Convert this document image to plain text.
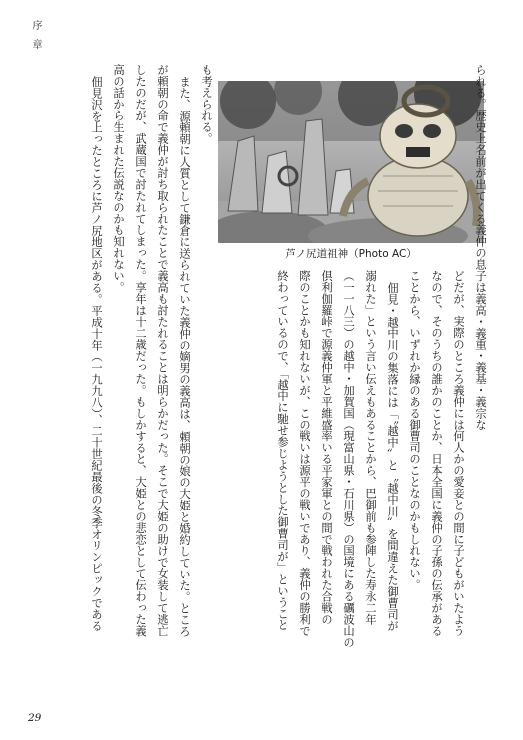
序 章
芦ノ尻道祖神（Photo AC）	られる。歴史上名前が出てくる義仲の息子は義高・義重・義基・義宗な
どだが、実際のところ義仲には何人かの愛妾との間に子どもがいたよう
なので、そのうちの誰かのことか、日本全国に義仲の子孫の伝承がある
ことから、いずれか縁のある御曹司のことなのかもしれない。
佃見・越中川の集落には「〝越中〟と〝越中川〟を間違えた御曹司が
溺れた」という言い伝えもあることから、巴御前も参陣した寿永二年
（一一八三）の越中・加賀国（現富山県・石川県）の国境にある礪波山の
倶利伽羅峠で源義仲軍と平維盛率いる平家軍との間で戦われた合戦の
際のことかも知れないが、この戦いは源平の戦いであり、義仲の勝利で
終わっているので、「越中に馳せ参じようとした御曹司が」ということ
も考えられる。
また、源頼朝に人質として鎌倉に送られていた義仲の嫡男の義高は、頼朝の娘の大姫と婚約していた。ところ
が頼朝の命で義仲が討ち取られたことで義高も討たれることは明らかだった。そこで大姫の助けで女装して逃亡
したのだが、武蔵国で討たれてしまった。享年は十二歳だった。もしかすると、大姫との悲恋として伝わった義
高の話から生まれた伝説なのかも知れない。
佃見沢を上ったところに芦ノ尻地区がある。平成十年（一九九八）、二十世紀最後の冬季オリンピックである
29
